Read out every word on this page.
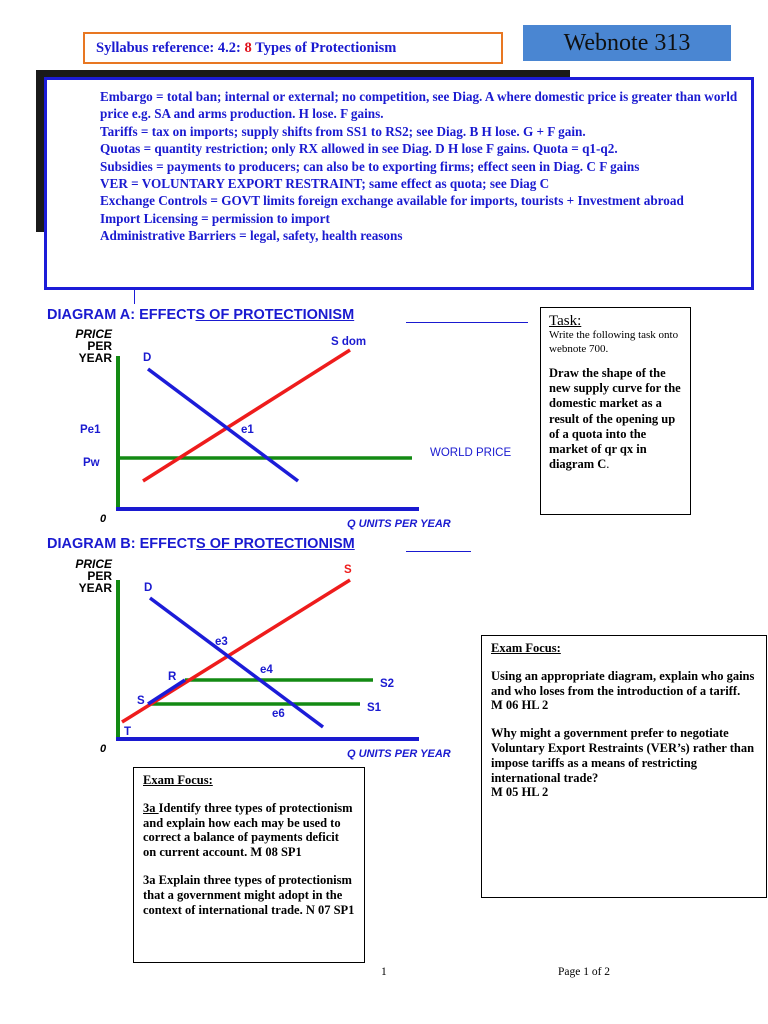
Syllabus reference: 4.2: 8 Types of Protectionism	Webnote 313
Embargo = total ban; internal or external; no competition, see Diag. A where domestic price is greater than world price e.g. SA and arms production. H lose. F gains.
Tariffs = tax on imports; supply shifts from SS1 to RS2; see Diag. B H lose. G + F gain.
Quotas = quantity restriction; only RX allowed in see Diag. D H lose F gains. Quota = q1-q2.
Subsidies = payments to producers; can also be to exporting firms; effect seen in Diag. C F gains
VER = VOLUNTARY EXPORT RESTRAINT; same effect as quota; see Diag C
Exchange Controls = GOVT limits foreign exchange available for imports, tourists + Investment abroad
Import Licensing = permission to import
Administrative Barriers = legal, safety, health reasons
DIAGRAM A: EFFECTS OF PROTECTIONISM
PRICE
PER
YEAR	D
S dom
Pe1
Pw
e1
WORLD PRICE
0	Q UNITS PER YEAR
PRICE
PER
YEAR	D
S
e3
e4
e6
R
S
T
S2
S1
0	Q UNITS PER YEAR
DIAGRAM B: EFFECTS OF PROTECTIONISM
Task:
Write the following task onto webnote 700.
Draw the shape of the new supply curve for the domestic market as a result of the opening up of a quota into the market of qr qx in diagram C.
Exam Focus:
Using an appropriate diagram, explain who gains and who loses from the introduction of a tariff.
M 06 HL 2
Why might a government prefer to negotiate Voluntary Export Restraints (VER’s) rather than impose tariffs as a means of restricting international trade?
M 05 HL 2
Exam Focus:
3a Identify three types of protectionism and explain how each may be used to correct a balance of payments deficit on current account. M 08 SP1
3a Explain three types of protectionism that a government might adopt in the context of international trade. N 07 SP1
1	Page 1 of 2
